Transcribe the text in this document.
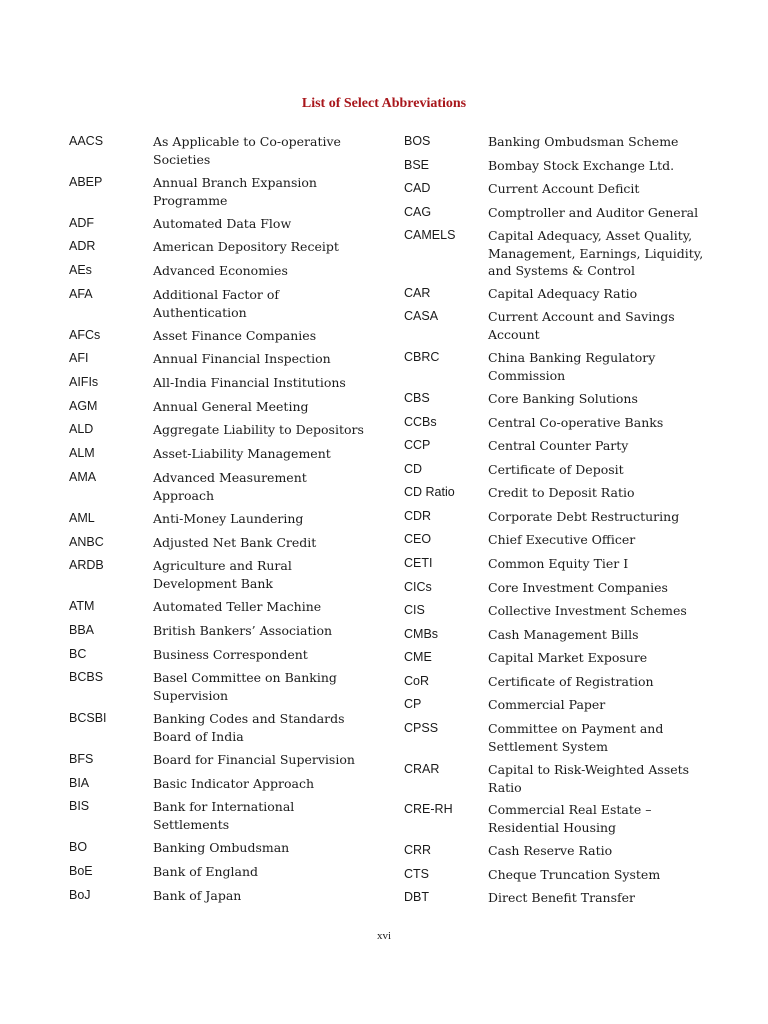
List of Select Abbreviations
AACS	As Applicable to Co-operative Societies
ABEP	Annual Branch Expansion Programme
ADF	Automated Data Flow
ADR	American Depository Receipt
AEs	Advanced Economies
AFA	Additional Factor of Authentication
AFCs	Asset Finance Companies
AFI	Annual Financial Inspection
AIFIs	All-India Financial Institutions
AGM	Annual General Meeting
ALD	Aggregate Liability to Depositors
ALM	Asset-Liability Management
AMA	Advanced Measurement Approach
AML	Anti-Money Laundering
ANBC	Adjusted Net Bank Credit
ARDB	Agriculture and Rural Development Bank
ATM	Automated Teller Machine
BBA	British Bankers’ Association
BC	Business Correspondent
BCBS	Basel Committee on Banking Supervision
BCSBI	Banking Codes and Standards Board of India
BFS	Board for Financial Supervision
BIA	Basic Indicator Approach
BIS	Bank for International Settlements
BO	Banking Ombudsman
BoE	Bank of England
BoJ	Bank of Japan
BOS	Banking Ombudsman Scheme
BSE	Bombay Stock Exchange Ltd.
CAD	Current Account Deficit
CAG	Comptroller and Auditor General
CAMELS	Capital Adequacy, Asset Quality, Management, Earnings, Liquidity, and Systems & Control
CAR	Capital Adequacy Ratio
CASA	Current Account and Savings Account
CBRC	China Banking Regulatory Commission
CBS	Core Banking Solutions
CCBs	Central Co-operative Banks
CCP	Central Counter Party
CD	Certificate of Deposit
CD Ratio	Credit to Deposit Ratio
CDR	Corporate Debt Restructuring
CEO	Chief Executive Officer
CETI	Common Equity Tier I
CICs	Core Investment Companies
CIS	Collective Investment Schemes
CMBs	Cash Management Bills
CME	Capital Market Exposure
CoR	Certificate of Registration
CP	Commercial Paper
CPSS	Committee on Payment and Settlement System
CRAR	Capital to Risk-Weighted Assets Ratio
CRE-RH	Commercial Real Estate – Residential Housing
CRR	Cash Reserve Ratio
CTS	Cheque Truncation System
DBT	Direct Benefit Transfer
xvi
